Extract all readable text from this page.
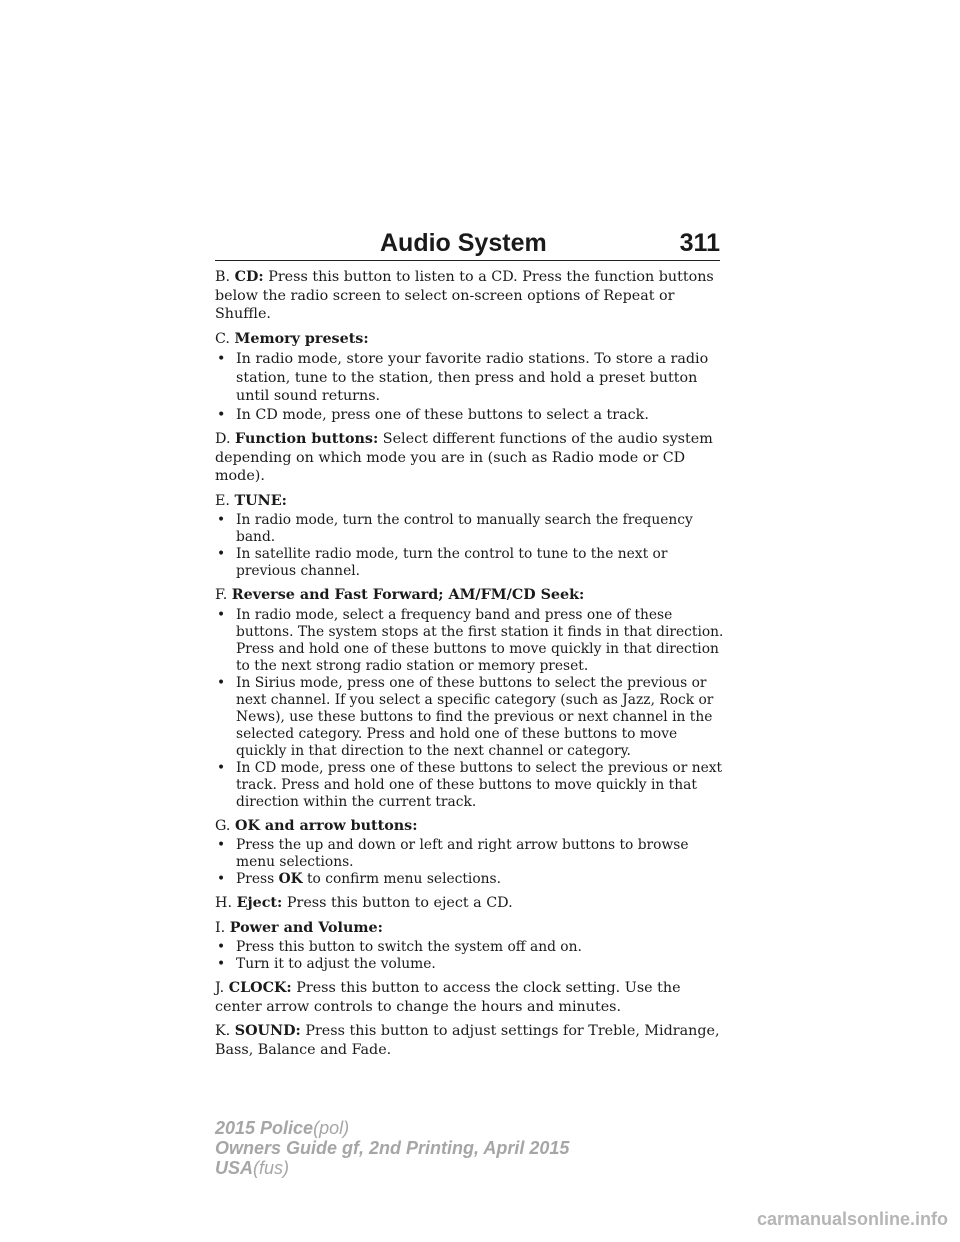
Audio System	311

B. CD: Press this button to listen to a CD. Press the function buttons below the radio screen to select on-screen options of Repeat or Shuffle.

C. Memory presets:

• In radio mode, store your favorite radio stations. To store a radio station, tune to the station, then press and hold a preset button until sound returns.
• In CD mode, press one of these buttons to select a track.

D. Function buttons: Select different functions of the audio system depending on which mode you are in (such as Radio mode or CD mode).

E. TUNE:

• In radio mode, turn the control to manually search the frequency band.
• In satellite radio mode, turn the control to tune to the next or previous channel.

F. Reverse and Fast Forward; AM/FM/CD Seek:

• In radio mode, select a frequency band and press one of these buttons. The system stops at the first station it finds in that direction. Press and hold one of these buttons to move quickly in that direction to the next strong radio station or memory preset.
• In Sirius mode, press one of these buttons to select the previous or next channel. If you select a specific category (such as Jazz, Rock or News), use these buttons to find the previous or next channel in the selected category. Press and hold one of these buttons to move quickly in that direction to the next channel or category.
• In CD mode, press one of these buttons to select the previous or next track. Press and hold one of these buttons to move quickly in that direction within the current track.

G. OK and arrow buttons:

• Press the up and down or left and right arrow buttons to browse menu selections.
• Press OK to confirm menu selections.

H. Eject: Press this button to eject a CD.

I. Power and Volume:

• Press this button to switch the system off and on.
• Turn it to adjust the volume.

J. CLOCK: Press this button to access the clock setting. Use the center arrow controls to change the hours and minutes.

K. SOUND: Press this button to adjust settings for Treble, Midrange, Bass, Balance and Fade.

2015 Police(pol)
Owners Guide gf, 2nd Printing, April 2015
USA(fus)
carmanualsonline.info
